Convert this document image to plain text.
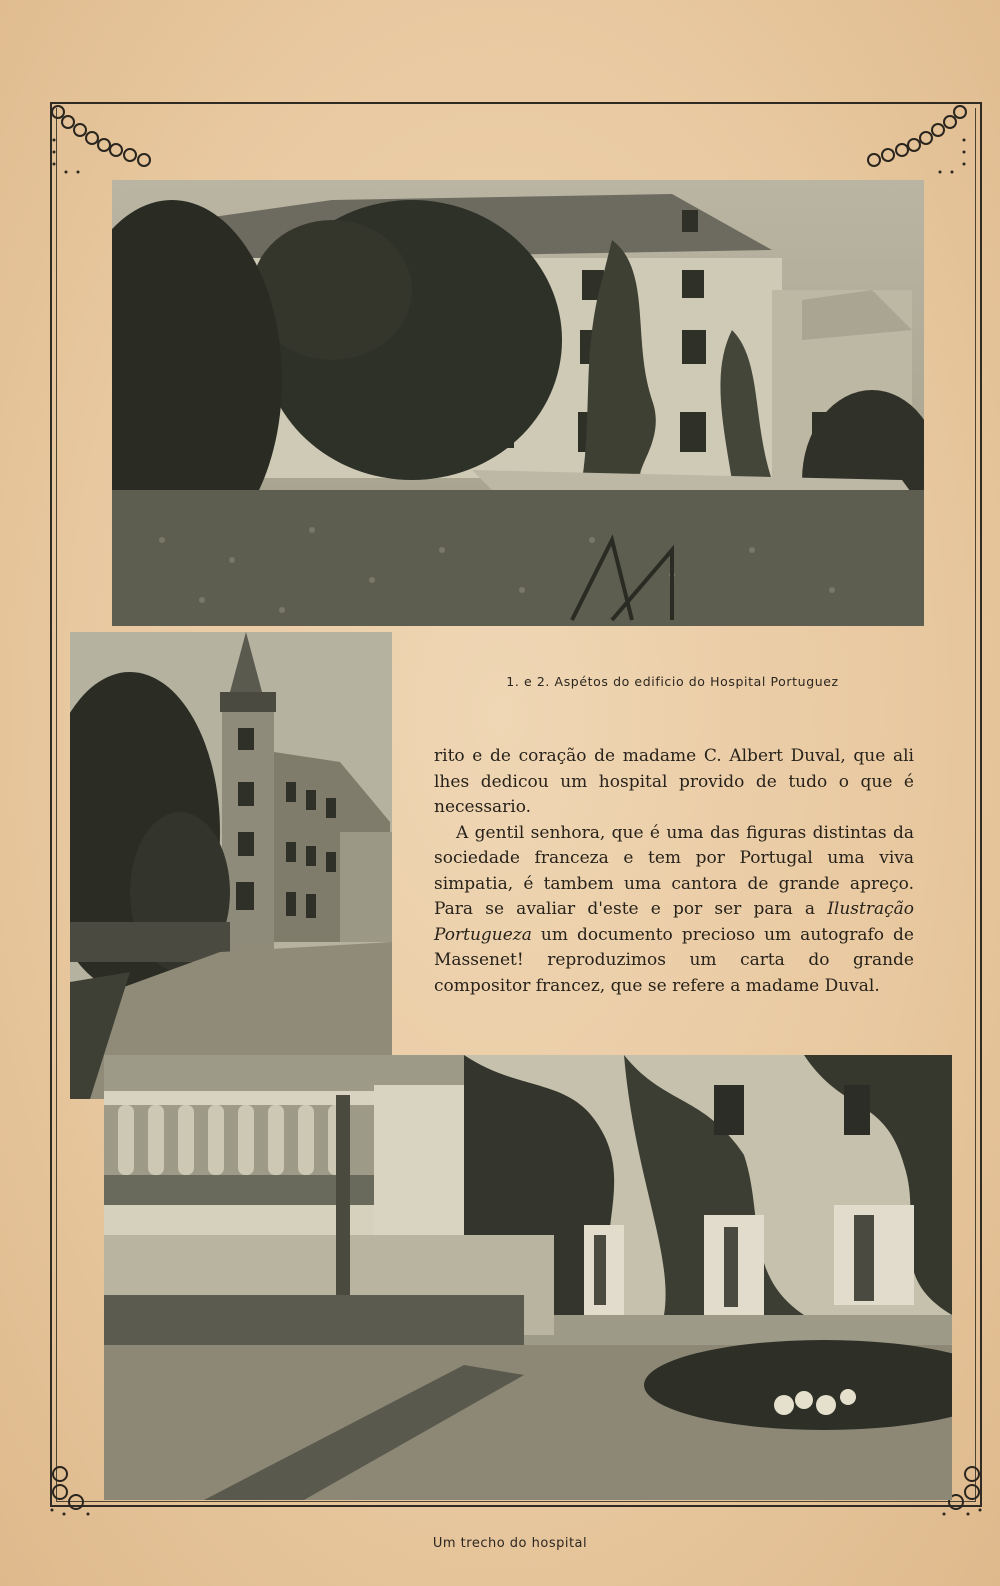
1. e 2. Aspétos do edificio do Hospital Portuguez

rito e de coração de madame C. Albert Duval, que ali lhes dedicou um hospital provido de tudo o que é necessario.

A gentil senhora, que é uma das figuras distintas da sociedade franceza e tem por Portugal uma viva simpatia, é tambem uma cantora de grande apreço. Para se avaliar d'este e por ser para a Ilustração Portugueza um documento precioso um autografo de Massenet! reproduzimos um carta do grande compositor francez, que se refere a madame Duval.

Um trecho do hospital
